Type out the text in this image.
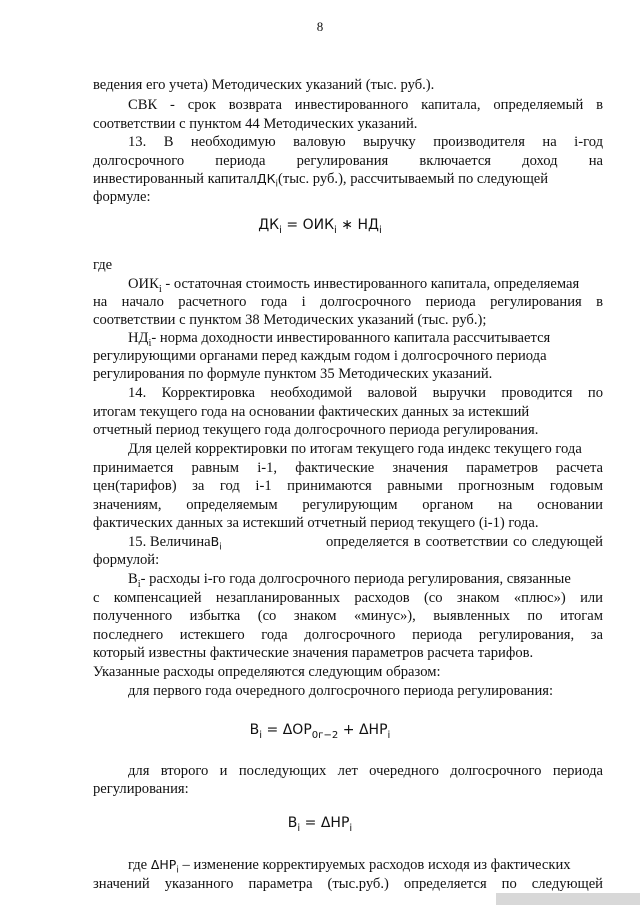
8
ведения его учета) Методических указаний (тыс. руб.).
СВК - срок возврата инвестированного капитала, определяемый в
соответствии с пунктом 44 Методических указаний.
13. В необходимую валовую выручку производителя на i-год
долгосрочного периода регулирования включается доход на
инвестированный капиталДК$_i$(тыс. руб.), рассчитываемый по следующей
формуле:
$ДК_i = ОИК_i$ ∗ $НД_i$
где
$ОИК_i$ - остаточная стоимость инвестированного капитала, определяемая
на начало расчетного года i долгосрочного периода регулирования в
соответствии с пунктом 38 Методических указаний (тыс. руб.);
$НД_i-$ норма доходности инвестированного капитала рассчитывается
регулирующими органами перед каждым годом i долгосрочного периода
регулирования по формуле пунктом 35 Методических указаний.
14. Корректировка необходимой валовой выручки проводится по
итогам текущего года на основании фактических данных за истекший
отчетный период текущего года долгосрочного периода регулирования.
Для целей корректировки по итогам текущего года индекс текущего года
принимается равным i-1, фактические значения параметров расчета
цен(тарифов) за год i-1 принимаются равными прогнозным годовым
значениям, определяемым регулирующим органом на основании
фактических данных за истекший отчетный период текущего (i-1) года.
15. ВеличинаВ$_i$	определяется в соответствии со следующей
формулой:
$В_i-$ расходы i-го года долгосрочного периода регулирования, связанные
с компенсацией незапланированных расходов (со знаком «плюс») или
полученного избытка (со знаком «минус»), выявленных по итогам
последнего истекшего года долгосрочного периода регулирования, за
который известны фактические значения параметров расчета тарифов.
Указанные расходы определяются следующим образом:
для первого года очередного долгосрочного периода регулирования:
$В_i = \Delta ОР_{0г-2} + \Delta НР_i$
для второго и последующих лет очередного долгосрочного периода
регулирования:
$В_i = \Delta НР_i$
где $\Delta НР_i$ – изменение корректируемых расходов исходя из фактических
значений указанного параметра (тыс.руб.) определяется по следующей
